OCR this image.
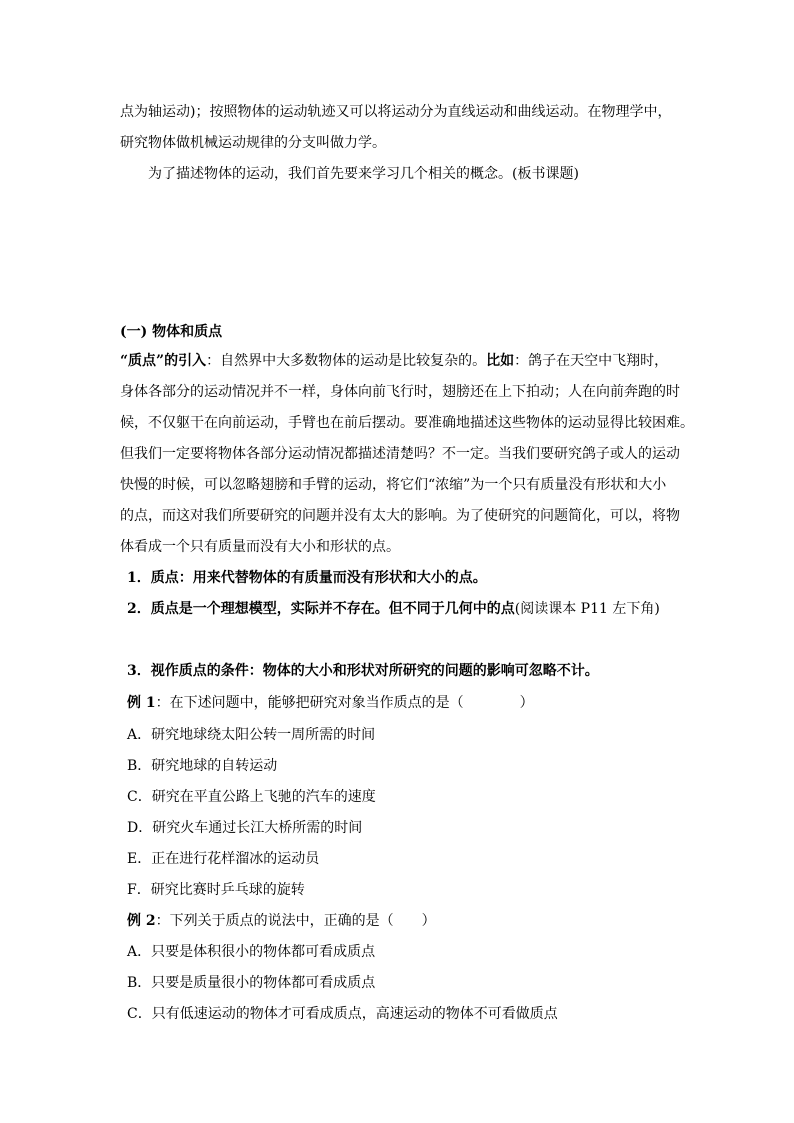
点为轴运动)；按照物体的运动轨迹又可以将运动分为直线运动和曲线运动。在物理学中，
研究物体做机械运动规律的分支叫做力学。
为了描述物体的运动，我们首先要来学习几个相关的概念。(板书课题)
(一) 物体和质点
“质点”的引入：自然界中大多数物体的运动是比较复杂的。比如：鸽子在天空中飞翔时，
身体各部分的运动情况并不一样，身体向前飞行时，翅膀还在上下拍动；人在向前奔跑的时
候，不仅躯干在向前运动，手臂也在前后摆动。要准确地描述这些物体的运动显得比较困难。
但我们一定要将物体各部分运动情况都描述清楚吗？不一定。当我们要研究鸽子或人的运动
快慢的时候，可以忽略翅膀和手臂的运动，将它们“浓缩”为一个只有质量没有形状和大小
的点，而这对我们所要研究的问题并没有太大的影响。为了使研究的问题简化，可以，将物
体看成一个只有质量而没有大小和形状的点。
1．质点：用来代替物体的有质量而没有形状和大小的点。
2．质点是一个理想模型，实际并不存在。但不同于几何中的点(阅读课本 P11 左下角)
3．视作质点的条件：物体的大小和形状对所研究的问题的影响可忽略不计。
例 1：在下述问题中，能够把研究对象当作质点的是（　　　　）
A．研究地球绕太阳公转一周所需的时间
B．研究地球的自转运动
C．研究在平直公路上飞驰的汽车的速度
D．研究火车通过长江大桥所需的时间
E．正在进行花样溜冰的运动员
F．研究比赛时乒乓球的旋转
例 2：下列关于质点的说法中，正确的是（　　）
A．只要是体积很小的物体都可看成质点
B．只要是质量很小的物体都可看成质点
C．只有低速运动的物体才可看成质点，高速运动的物体不可看做质点
